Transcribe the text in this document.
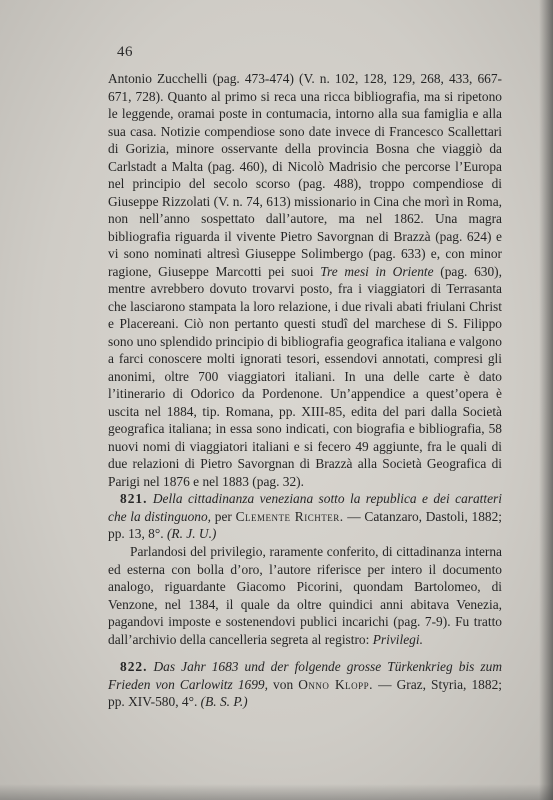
46

Antonio Zucchelli (pag. 473-474) (V. n. 102, 128, 129, 268, 433, 667-671, 728). Quanto al primo si reca una ricca bibliografia, ma si ripetono le leggende, oramai poste in contumacia, intorno alla sua famiglia e alla sua casa. Notizie compendiose sono date invece di Francesco Scallettari di Gorizia, minore osservante della provincia Bosna che viaggiò da Carlstadt a Malta (pag. 460), di Nicolò Madrisio che percorse l’Europa nel principio del secolo scorso (pag. 488), troppo compendiose di Giuseppe Rizzolati (V. n. 74, 613) missionario in Cina che morì in Roma, non nell’anno sospettato dall’autore, ma nel 1862. Una magra bibliografia riguarda il vivente Pietro Savorgnan di Brazzà (pag. 624) e vi sono nominati altresì Giuseppe Solimbergo (pag. 633) e, con minor ragione, Giuseppe Marcotti pei suoi Tre mesi in Oriente (pag. 630), mentre avrebbero dovuto trovarvi posto, fra i viaggiatori di Terrasanta che lasciarono stampata la loro relazione, i due rivali abati friulani Christ e Placereani. Ciò non pertanto questi studî del marchese di S. Filippo sono uno splendido principio di bibliografia geografica italiana e valgono a farci conoscere molti ignorati tesori, essendovi annotati, compresi gli anonimi, oltre 700 viaggiatori italiani. In una delle carte è dato l’itinerario di Odorico da Pordenone. Un’appendice a quest’opera è uscita nel 1884, tip. Romana, pp. XIII-85, edita del pari dalla Società geografica italiana; in essa sono indicati, con biografia e bibliografia, 58 nuovi nomi di viaggiatori italiani e si fecero 49 aggiunte, fra le quali di due relazioni di Pietro Savorgnan di Brazzà alla Società Geografica di Parigi nel 1876 e nel 1883 (pag. 32).

821. Della cittadinanza veneziana sotto la republica e dei caratteri che la distinguono, per Clemente Richter. — Catanzaro, Dastoli, 1882; pp. 13, 8°. (R. J. U.)
Parlandosi del privilegio, raramente conferito, di cittadinanza interna ed esterna con bolla d’oro, l’autore riferisce per intero il documento analogo, riguardante Giacomo Picorini, quondam Bartolomeo, di Venzone, nel 1384, il quale da oltre quindici anni abitava Venezia, pagandovi imposte e sostenendovi publici incarichi (pag. 7-9). Fu tratto dall’archivio della cancelleria segreta al registro: Privilegi.
822. Das Jahr 1683 und der folgende grosse Türkenkrieg bis zum Frieden von Carlowitz 1699, von Onno Klopp. — Graz, Styria, 1882; pp. XIV-580, 4°. (B. S. P.)
